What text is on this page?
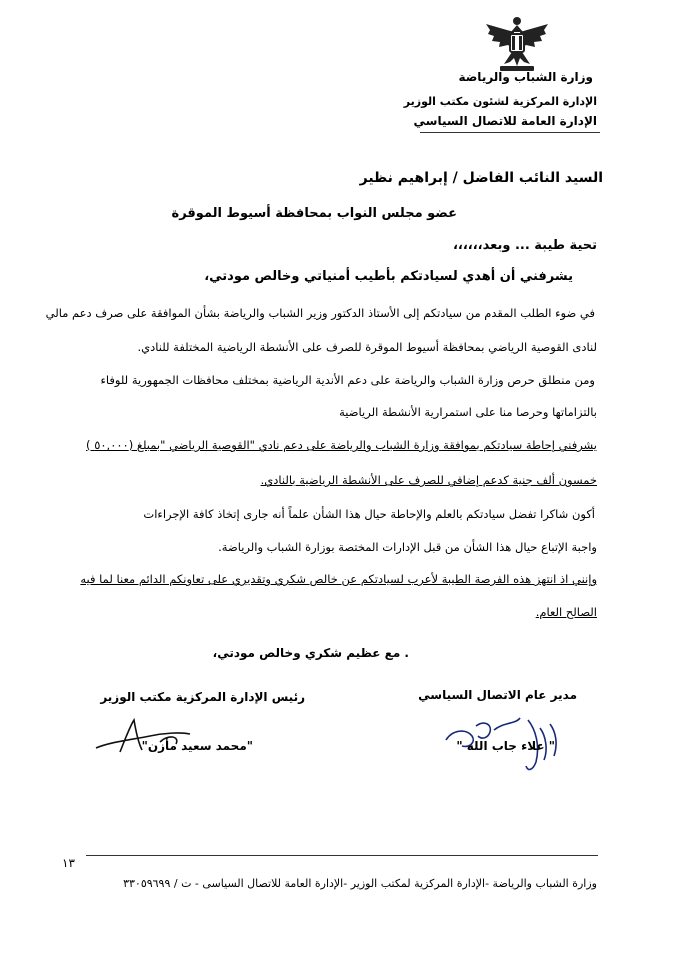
وزارة الشباب والرياضة
الإدارة المركزية لشئون مكتب الوزير
الإدارة العامة للاتصال السياسي
السيد النائب الفاضل / إبراهيم نظير
عضو مجلس النواب بمحافظة أسيوط الموقرة
تحية طيبة ... وبعد،،،،،،
يشرفني أن أهدي لسيادتكم بأطيب أمنياتي وخالص مودتي،
في ضوء الطلب المقدم من سيادتكم إلى الأستاذ الدكتور وزير الشباب والرياضة بشأن الموافقة على صرف دعم مالي
لنادى القوصية الرياضي بمحافظة أسيوط الموقرة للصرف على الأنشطة الرياضية المختلفة للنادي.
ومن منطلق حرص وزارة الشباب والرياضة على دعم الأندية الرياضية بمختلف محافظات الجمهورية للوفاء
بالتزاماتها وحرصا منا على استمرارية الأنشطة الرياضية
يشرفني إحاطة سيادتكم بموافقة وزارة الشباب والرياضة على دعم نادي "القوصية الرياضي "بمبلغ (٥٠,٠٠٠ )
خمسون ألف جنية كدعم إضافي للصرف على الأنشطة الرياضية بالنادي.
أكون شاكرا تفضل سيادتكم بالعلم والإحاطة حيال هذا الشأن علماً أنه جارى إتخاذ كافة الإجراءات
واجبة الإتباع حيال هذا الشأن من قبل الإدارات المختصة بوزارة الشباب والرياضة.
وإنني اذ انتهز هذه الفرصة الطيبة لأعرب لسيادتكم عن خالص شكري وتقديري على تعاونكم الدائم معنا لما فيه
الصالح العام.
. مع عظيم شكري وخالص مودتي،
مدير عام الاتصال السياسي
رئيس الإدارة المركزية مكتب الوزير
" علاء جاب الله "
"محمد سعيد مأزن"
١٣
وزارة الشباب والرياضة -الإدارة المركزية لمكتب الوزير -الإدارة العامة للاتصال السياسى - ت / ٣٣٠٥٩٦٩٩
